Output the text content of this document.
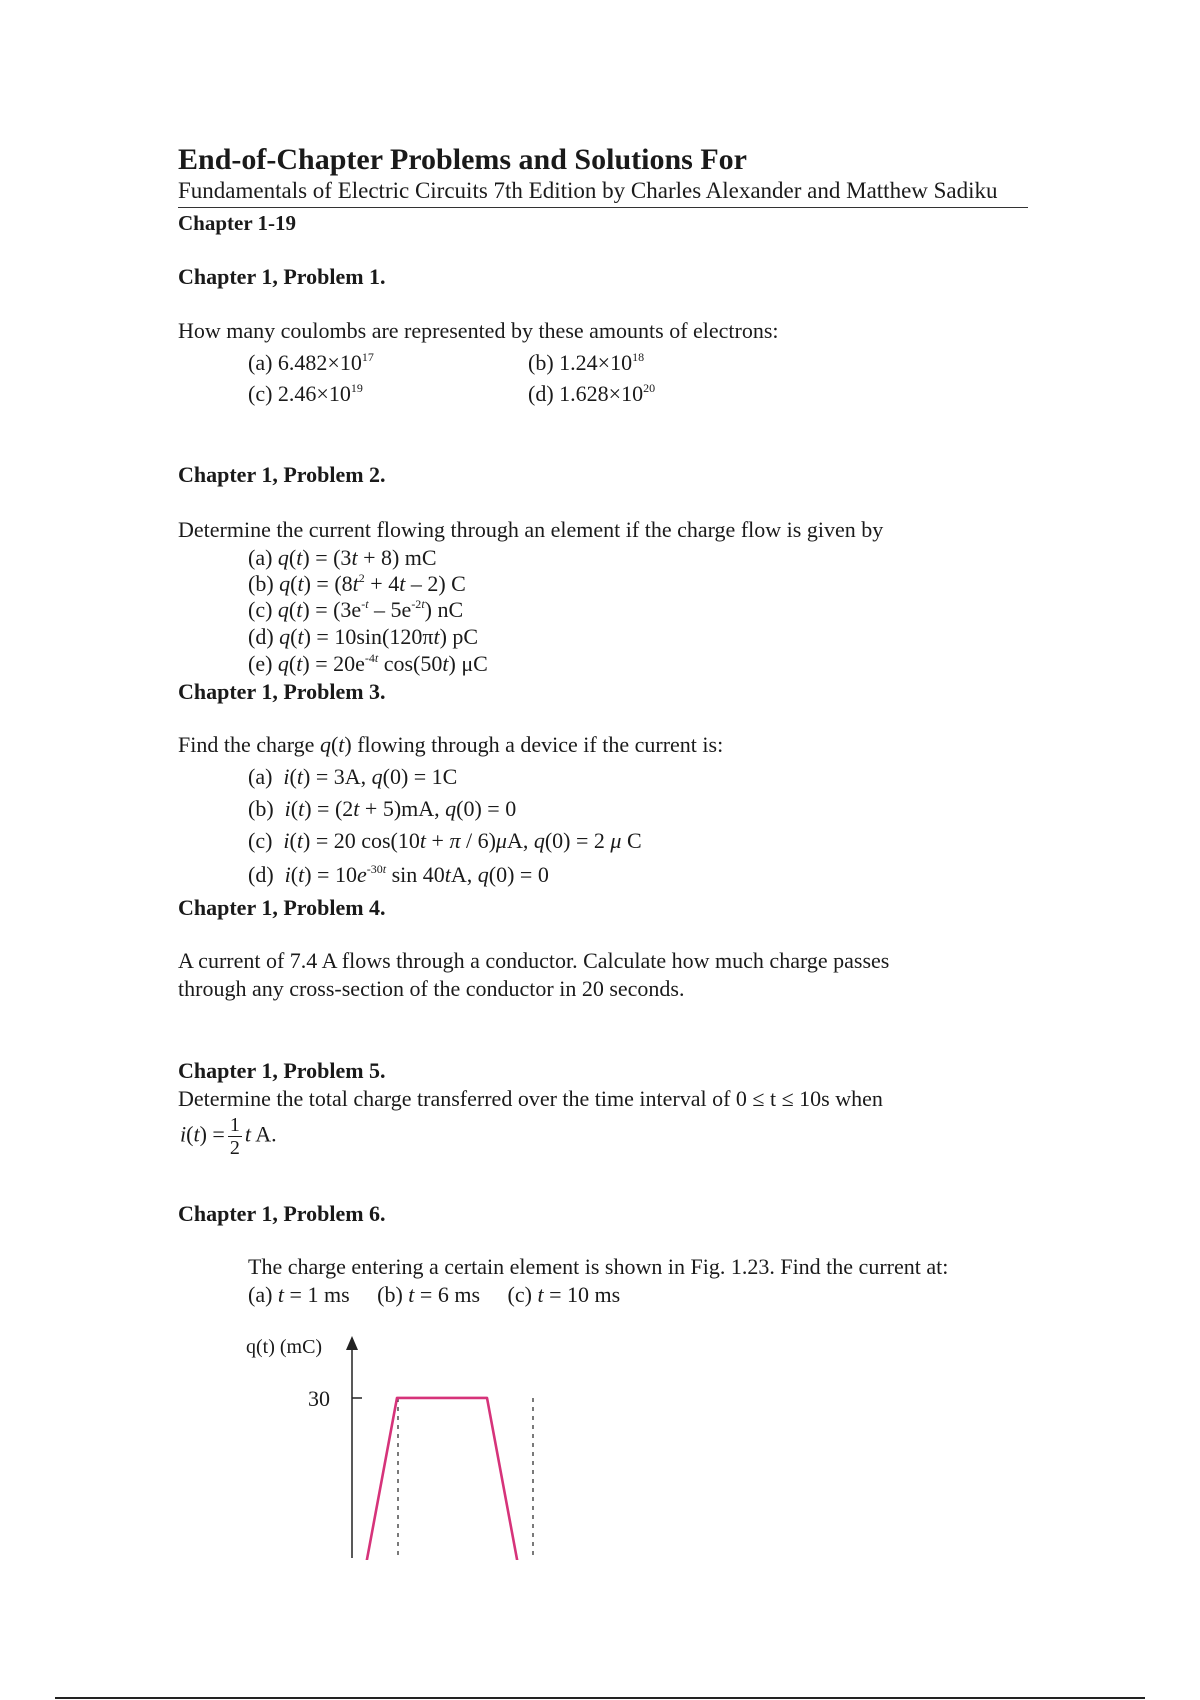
End-of-Chapter Problems and Solutions For
Fundamentals of Electric Circuits 7th Edition by Charles Alexander and Matthew Sadiku
Chapter 1-19
Chapter 1, Problem 1.
How many coulombs are represented by these amounts of electrons:
(a) $6.482\times 10^{17}$	(b) $1.24\times 10^{18}$
(c) $2.46\times 10^{19}$	(d) $1.628\times 10^{20}$
Chapter 1, Problem 2.
Determine the current flowing through an element if the charge flow is given by
(a) q(t) = (3t + 8) mC
(b) $q(t) = (8t^2 + 4t - 2)$ C
(c) $q(t) = (3e^{-t} - 5e^{-2t})$ nC
(d) q(t) = 10sin(120πt) pC
(e) $q(t) = 20e^{-4t}$ cos(50t) μC
Chapter 1, Problem 3.
Find the charge q(t) flowing through a device if the current is:
(a)  i(t) = 3A, q(0) = 1C
(b)  i(t) = (2t + 5)mA, q(0) = 0
(c)  i(t) = 20 cos(10t + π / 6)μA, q(0) = 2 μ C
(d)  $i(t) = 10e^{-30t}$ sin 40tA, q(0) = 0
Chapter 1, Problem 4.
A current of 7.4 A flows through a conductor. Calculate how much charge passes
through any cross-section of the conductor in 20 seconds.
Chapter 1, Problem 5.
Determine the total charge transferred over the time interval of 0 ≤ t ≤ 10s when
$i(t) = \frac{1}{2}$ t A.
Chapter 1, Problem 6.
The charge entering a certain element is shown in Fig. 1.23. Find the current at:
(a) t = 1 ms (b) t = 6 ms (c) t = 10 ms
q(t) (mC)
30
